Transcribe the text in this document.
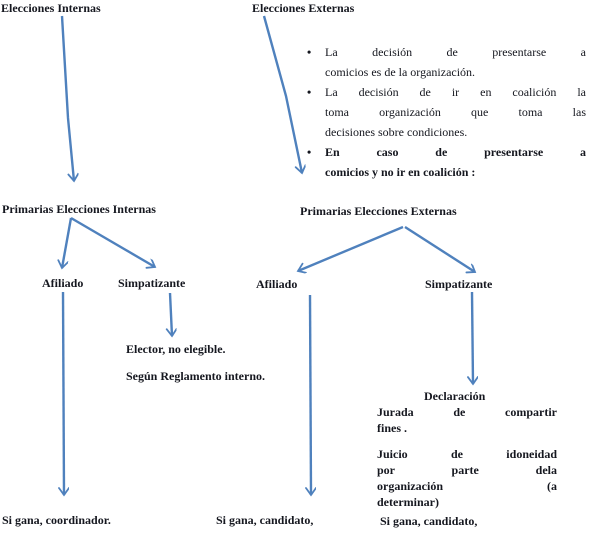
Elecciones Internas	Elecciones Externas
• La decisión de presentarse a
comicios es de la organización.
• La decisión de ir en coalición la
toma organización que toma las
decisiones sobre condiciones.
• En caso de presentarse a
comicios y no ir en coalición :
Primarias Elecciones Internas	Primarias Elecciones Externas
Afiliado	Simpatizante	Afiliado	Simpatizante
Elector, no elegible.
Según Reglamento interno.
Declaración
Jurada de compartir
fines .
Juicio de idoneidad
por parte dela
organización (a
determinar)
Si gana, coordinador.	Si gana, candidato,	Si gana, candidato,
